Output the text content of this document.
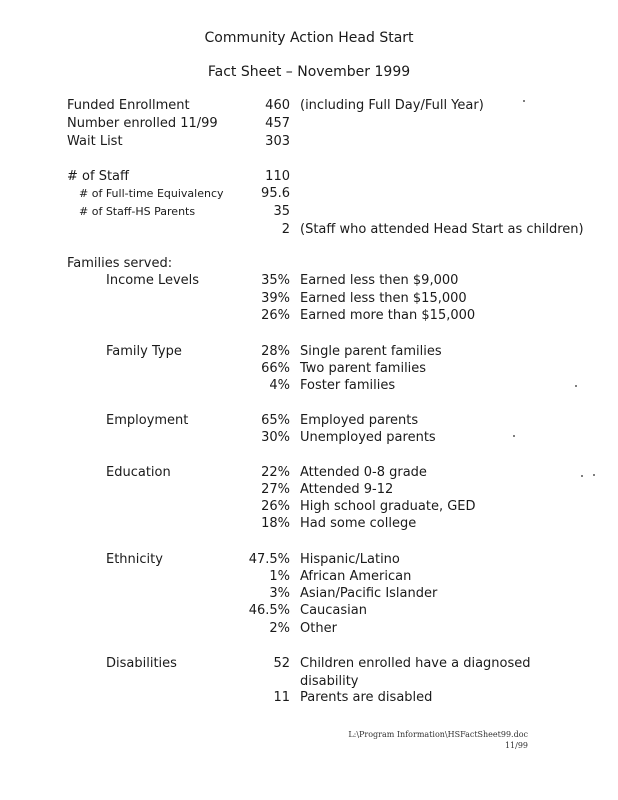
Community Action Head Start
Fact Sheet – November 1999
Funded Enrollment	460 (including Full Day/Full Year)
Number enrolled 11/99	457
Wait List	303
# of Staff	110
# of Full-time Equivalency	95.6
# of Staff-HS Parents	35
2 (Staff who attended Head Start as children)
Families served:
Income Levels	35% Earned less then $9,000
39% Earned less then $15,000
26% Earned more than $15,000
Family Type	28% Single parent families
66% Two parent families
4% Foster families
Employment	65% Employed parents
30% Unemployed parents
Education	22% Attended 0-8 grade
27% Attended 9-12
26% High school graduate, GED
18% Had some college
Ethnicity	47.5% Hispanic/Latino
1% African American
3% Asian/Pacific Islander
46.5% Caucasian
2% Other
Disabilities	52 Children enrolled have a diagnosed disability
11 Parents are disabled
L:\Program Information\HSFactSheet99.doc
11/99
